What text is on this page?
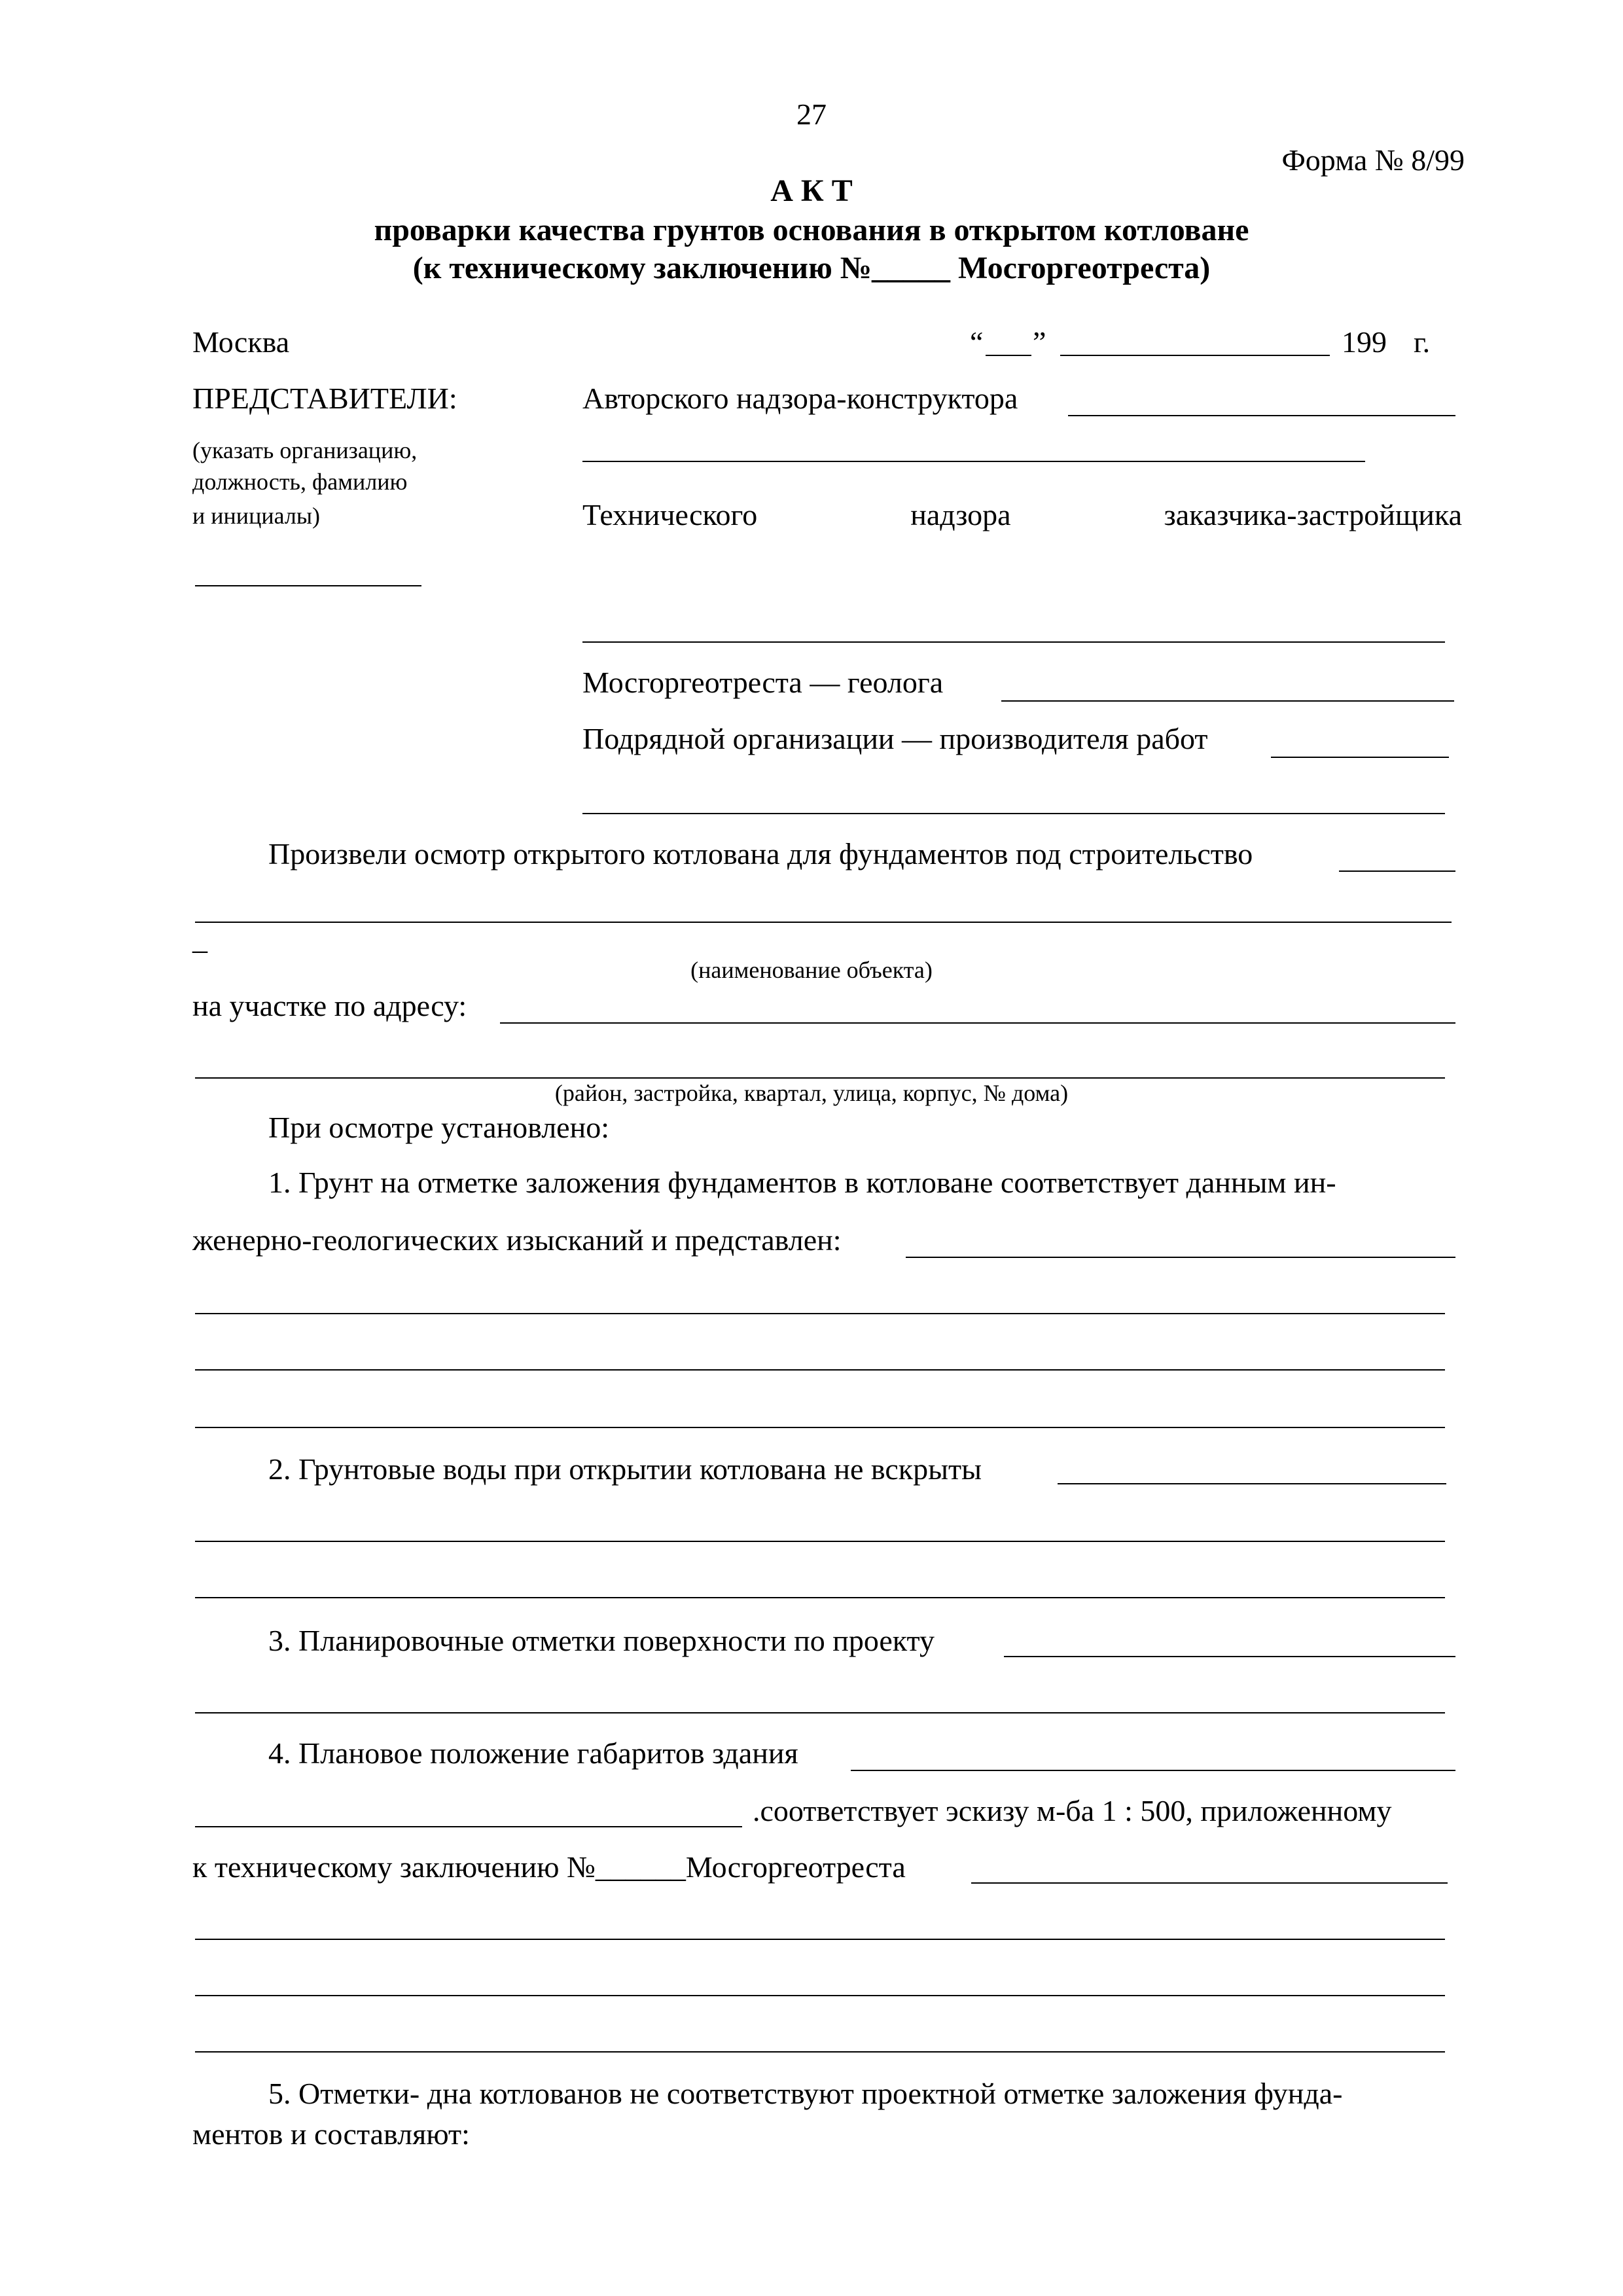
27
Форма № 8/99
А К Т
проварки качества грунтов основания в открытом котловане
(к техническому заключению №_____ Мосгоргеотреста)
Москва	“ ”	199 г.
ПРЕДСТАВИТЕЛИ:
(указать организацию,
должность, фамилию
и инициалы)
Авторского надзора-конструктора
Технического	надзора	заказчика-застройщика
Мосгоргеотреста — геолога
Подрядной организации — производителя работ
Произвели осмотр открытого котлована для фундаментов под строительство
_
(наименование объекта)
на участке по адресу:
(район, застройка, квартал, улица, корпус, № дома)
При осмотре установлено:
1. Грунт на отметке заложения фундаментов в котловане соответствует данным ин-
женерно-геологических изысканий и представлен:
2. Грунтовые воды при открытии котлована не вскрыты
3. Планировочные отметки поверхности по проекту
4. Плановое положение габаритов здания
.соответствует эскизу м-ба 1 : 500, приложенному
к техническому заключению №______Мосгоргеотреста
5. Отметки- дна котлованов не соответствуют проектной отметке заложения фунда-
ментов и составляют:
